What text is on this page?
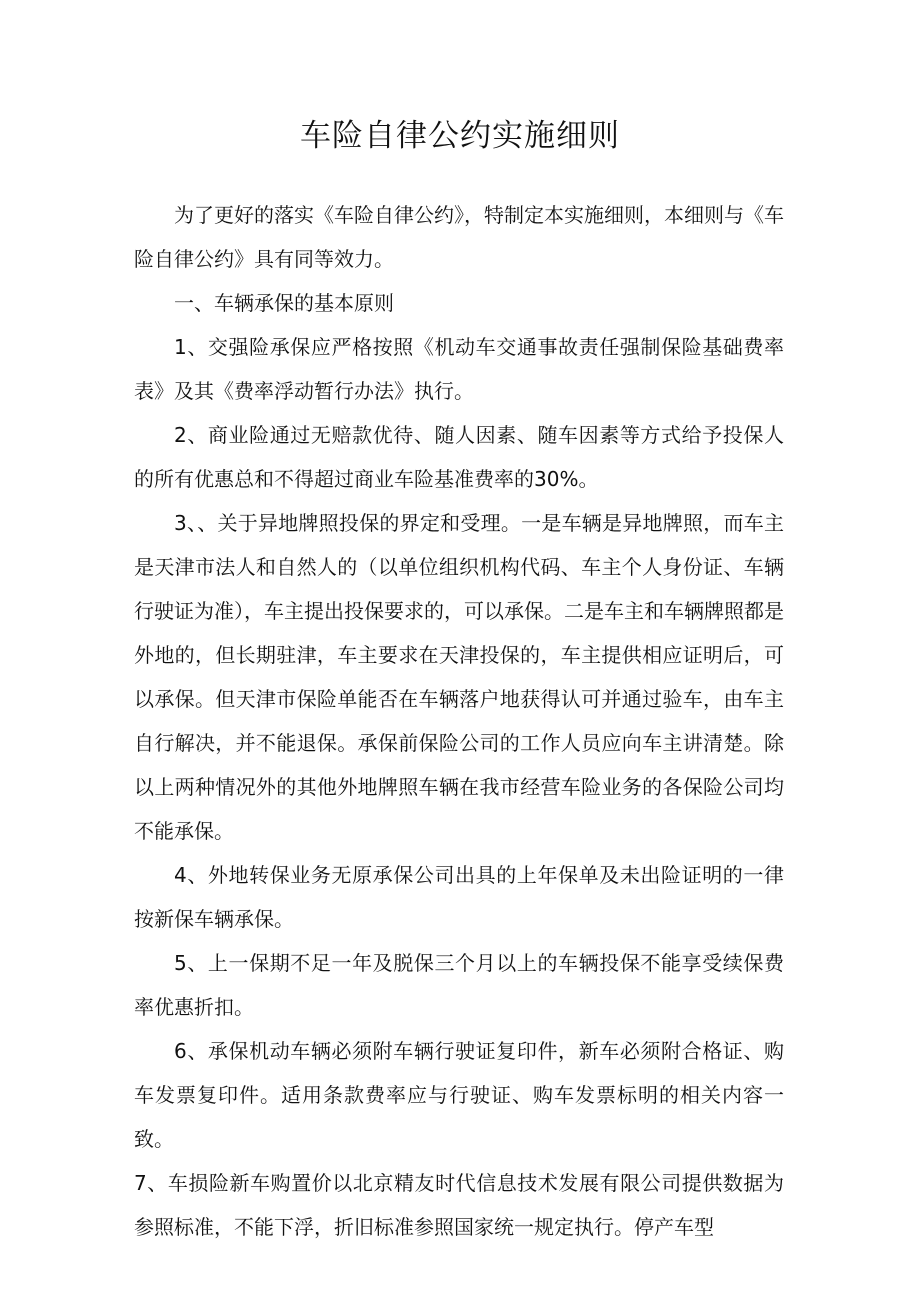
车险自律公约实施细则

为了更好的落实《车险自律公约》，特制定本实施细则，本细则与《车险自律公约》具有同等效力。

一、车辆承保的基本原则

1、交强险承保应严格按照《机动车交通事故责任强制保险基础费率表》及其《费率浮动暂行办法》执行。

2、商业险通过无赔款优待、随人因素、随车因素等方式给予投保人的所有优惠总和不得超过商业车险基准费率的30%。

3、、关于异地牌照投保的界定和受理。一是车辆是异地牌照，而车主是天津市法人和自然人的（以单位组织机构代码、车主个人身份证、车辆行驶证为准），车主提出投保要求的，可以承保。二是车主和车辆牌照都是外地的，但长期驻津，车主要求在天津投保的，车主提供相应证明后，可以承保。但天津市保险单能否在车辆落户地获得认可并通过验车，由车主自行解决，并不能退保。承保前保险公司的工作人员应向车主讲清楚。除以上两种情况外的其他外地牌照车辆在我市经营车险业务的各保险公司均不能承保。

4、外地转保业务无原承保公司出具的上年保单及未出险证明的一律按新保车辆承保。

5、上一保期不足一年及脱保三个月以上的车辆投保不能享受续保费率优惠折扣。

6、承保机动车辆必须附车辆行驶证复印件，新车必须附合格证、购车发票复印件。适用条款费率应与行驶证、购车发票标明的相关内容一致。

7、车损险新车购置价以北京精友时代信息技术发展有限公司提供数据为参照标准，不能下浮，折旧标准参照国家统一规定执行。停产车型
